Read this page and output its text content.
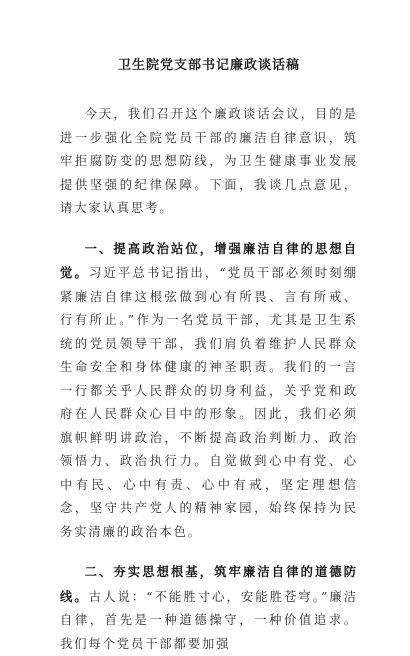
卫生院党支部书记廉政谈话稿

今天，我们召开这个廉政谈话会议，目的是进一步强化全院党员干部的廉洁自律意识，筑牢拒腐防变的思想防线，为卫生健康事业发展提供坚强的纪律保障。下面，我谈几点意见，请大家认真思考。

一、提高政治站位，增强廉洁自律的思想自觉。习近平总书记指出，“党员干部必须时刻绷紧廉洁自律这根弦做到心有所畏、言有所戒、行有所止。”作为一名党员干部，尤其是卫生系统的党员领导干部，我们肩负着维护人民群众生命安全和身体健康的神圣职责。我们的一言一行都关乎人民群众的切身利益，关乎党和政府在人民群众心目中的形象。因此，我们必须旗帜鲜明讲政治，不断提高政治判断力、政治领悟力、政治执行力。自觉做到心中有党、心中有民、心中有责、心中有戒，坚定理想信念，坚守共产党人的精神家园，始终保持为民务实清廉的政治本色。

二、夯实思想根基，筑牢廉洁自律的道德防线。古人说：“不能胜寸心，安能胜苍穹。”廉洁自律，首先是一种道德操守，一种价值追求。我们每个党员干部都要加强
